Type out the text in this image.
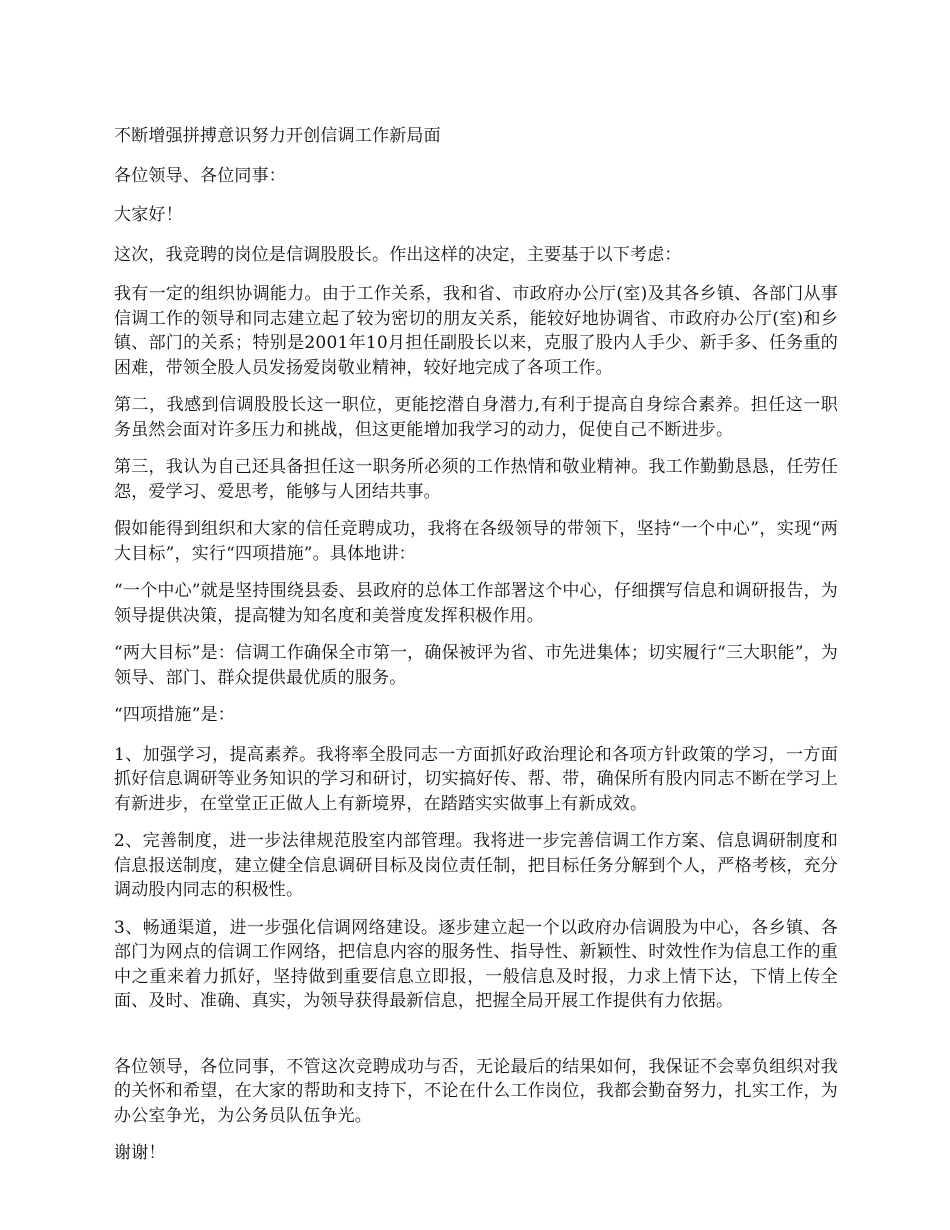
不断增强拼搏意识努力开创信调工作新局面

各位领导、各位同事：

大家好！

这次，我竞聘的岗位是信调股股长。作出这样的决定，主要基于以下考虑：

我有一定的组织协调能力。由于工作关系，我和省、市政府办公厅(室)及其各乡镇、各部门从事信调工作的领导和同志建立起了较为密切的朋友关系，能较好地协调省、市政府办公厅(室)和乡镇、部门的关系；特别是2001年10月担任副股长以来，克服了股内人手少、新手多、任务重的困难，带领全股人员发扬爱岗敬业精神，较好地完成了各项工作。

第二，我感到信调股股长这一职位，更能挖潜自身潜力,有利于提高自身综合素养。担任这一职务虽然会面对许多压力和挑战，但这更能增加我学习的动力，促使自己不断进步。

第三，我认为自己还具备担任这一职务所必须的工作热情和敬业精神。我工作勤勤恳恳，任劳任怨，爱学习、爱思考，能够与人团结共事。

假如能得到组织和大家的信任竞聘成功，我将在各级领导的带领下，坚持“一个中心”，实现“两大目标”，实行“四项措施”。具体地讲：

“一个中心”就是坚持围绕县委、县政府的总体工作部署这个中心，仔细撰写信息和调研报告，为领导提供决策，提高犍为知名度和美誉度发挥积极作用。

“两大目标”是：信调工作确保全市第一，确保被评为省、市先进集体；切实履行“三大职能”，为领导、部门、群众提供最优质的服务。

“四项措施”是：

1、加强学习，提高素养。我将率全股同志一方面抓好政治理论和各项方针政策的学习，一方面抓好信息调研等业务知识的学习和研讨，切实搞好传、帮、带，确保所有股内同志不断在学习上有新进步，在堂堂正正做人上有新境界，在踏踏实实做事上有新成效。

2、完善制度，进一步法律规范股室内部管理。我将进一步完善信调工作方案、信息调研制度和信息报送制度，建立健全信息调研目标及岗位责任制，把目标任务分解到个人，严格考核，充分调动股内同志的积极性。

3、畅通渠道，进一步强化信调网络建设。逐步建立起一个以政府办信调股为中心，各乡镇、各部门为网点的信调工作网络，把信息内容的服务性、指导性、新颖性、时效性作为信息工作的重中之重来着力抓好，坚持做到重要信息立即报，一般信息及时报，力求上情下达，下情上传全面、及时、准确、真实，为领导获得最新信息，把握全局开展工作提供有力依据。

各位领导，各位同事，不管这次竞聘成功与否，无论最后的结果如何，我保证不会辜负组织对我的关怀和希望，在大家的帮助和支持下，不论在什么工作岗位，我都会勤奋努力，扎实工作，为办公室争光，为公务员队伍争光。

谢谢！
